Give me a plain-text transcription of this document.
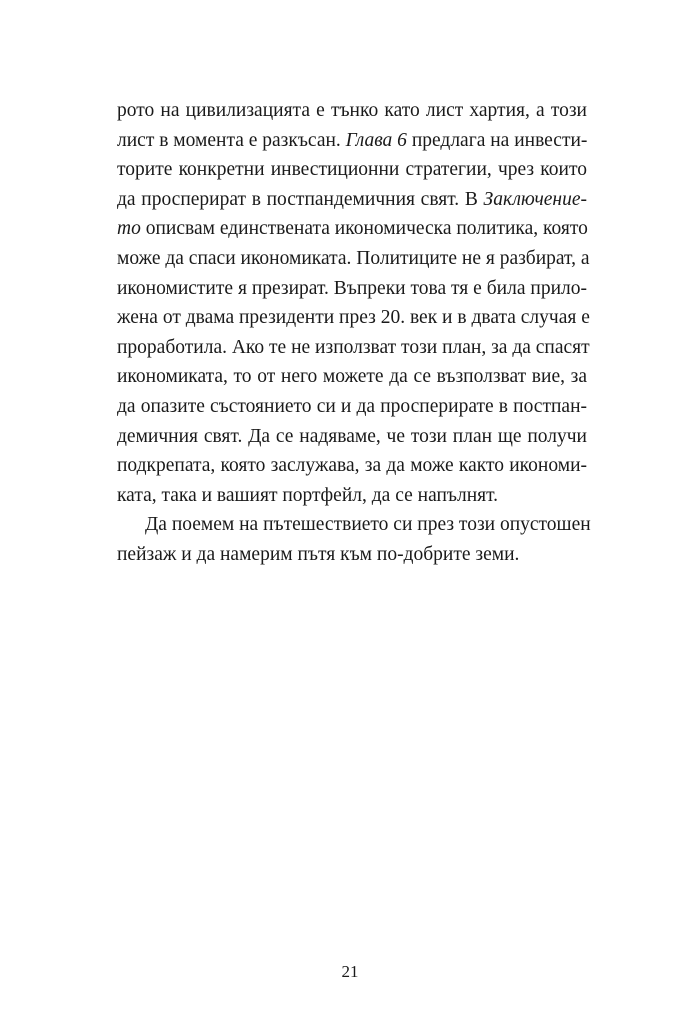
рото на цивилизацията е тънко като лист хартия, а този
лист в момента е разкъсан. Глава 6 предлага на инвести-
торите конкретни инвестиционни стратегии, чрез които
да просперират в постпандемичния свят. В Заключение-
то описвам единствената икономическа политика, която
може да спаси икономиката. Политиците не я разбират, а
икономистите я презират. Въпреки това тя е била прило-
жена от двама президенти през 20. век и в двата случая е
проработила. Ако те не използват този план, за да спасят
икономиката, то от него можете да се възползват вие, за
да опазите състоянието си и да просперирате в постпан-
демичния свят. Да се надяваме, че този план ще получи
подкрепата, която заслужава, за да може както икономи-
ката, така и вашият портфейл, да се напълнят.
Да поемем на пътешествието си през този опустошен
пейзаж и да намерим пътя към по-добрите земи.
21
